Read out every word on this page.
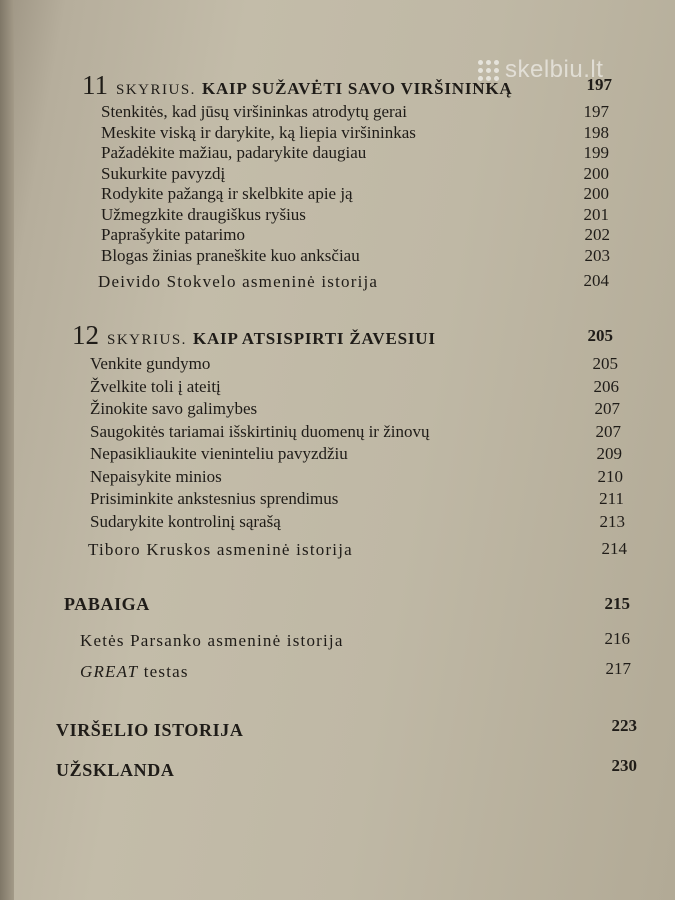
skelbiu.lt
11 SKYRIUS. KAIP SUŽAVĖTI SAVO VIRŠININKĄ	197
Stenkitės, kad jūsų viršininkas atrodytų gerai	197
Meskite viską ir darykite, ką liepia viršininkas	198
Pažadėkite mažiau, padarykite daugiau	199
Sukurkite pavyzdį	200
Rodykite pažangą ir skelbkite apie ją	200
Užmegzkite draugiškus ryšius	201
Paprašykite patarimo	202
Blogas žinias praneškite kuo anksčiau	203
Deivido Stokvelo asmeninė istorija	204
12 SKYRIUS. KAIP ATSISPIRTI ŽAVESIUI	205
Venkite gundymo	205
Žvelkite toli į ateitį	206
Žinokite savo galimybes	207
Saugokitės tariamai išskirtinių duomenų ir žinovų	207
Nepasikliaukite vieninteliu pavyzdžiu	209
Nepaisykite minios	210
Prisiminkite ankstesnius sprendimus	211
Sudarykite kontrolinį sąrašą	213
Tiboro Kruskos asmeninė istorija	214
PABAIGA	215
Ketės Parsanko asmeninė istorija	216
GREAT testas	217
VIRŠELIO ISTORIJA	223
UŽSKLANDA	230
